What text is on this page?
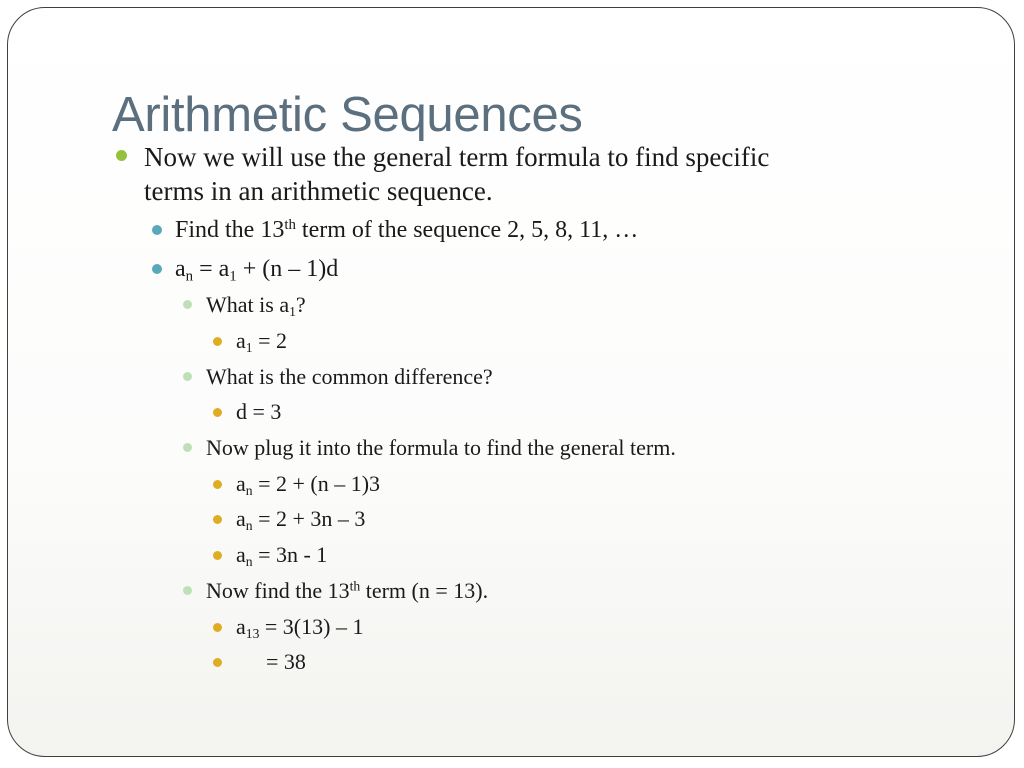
Arithmetic Sequences
Now we will use the general term formula to find specific
terms in an arithmetic sequence.
Find the 13th term of the sequence 2, 5, 8, 11, …
$a_n = a_1 + (n - 1)d$
What is $a_1$?
$a_1 = 2$
What is the common difference?
d = 3
Now plug it into the formula to find the general term.
$a_n = 2 + (n - 1)3$
$a_n = 2 + 3n - 3$
$a_n = 3n - 1$
Now find the 13th term (n = 13).
$a_{13} = 3(13) - 1$
= 38
